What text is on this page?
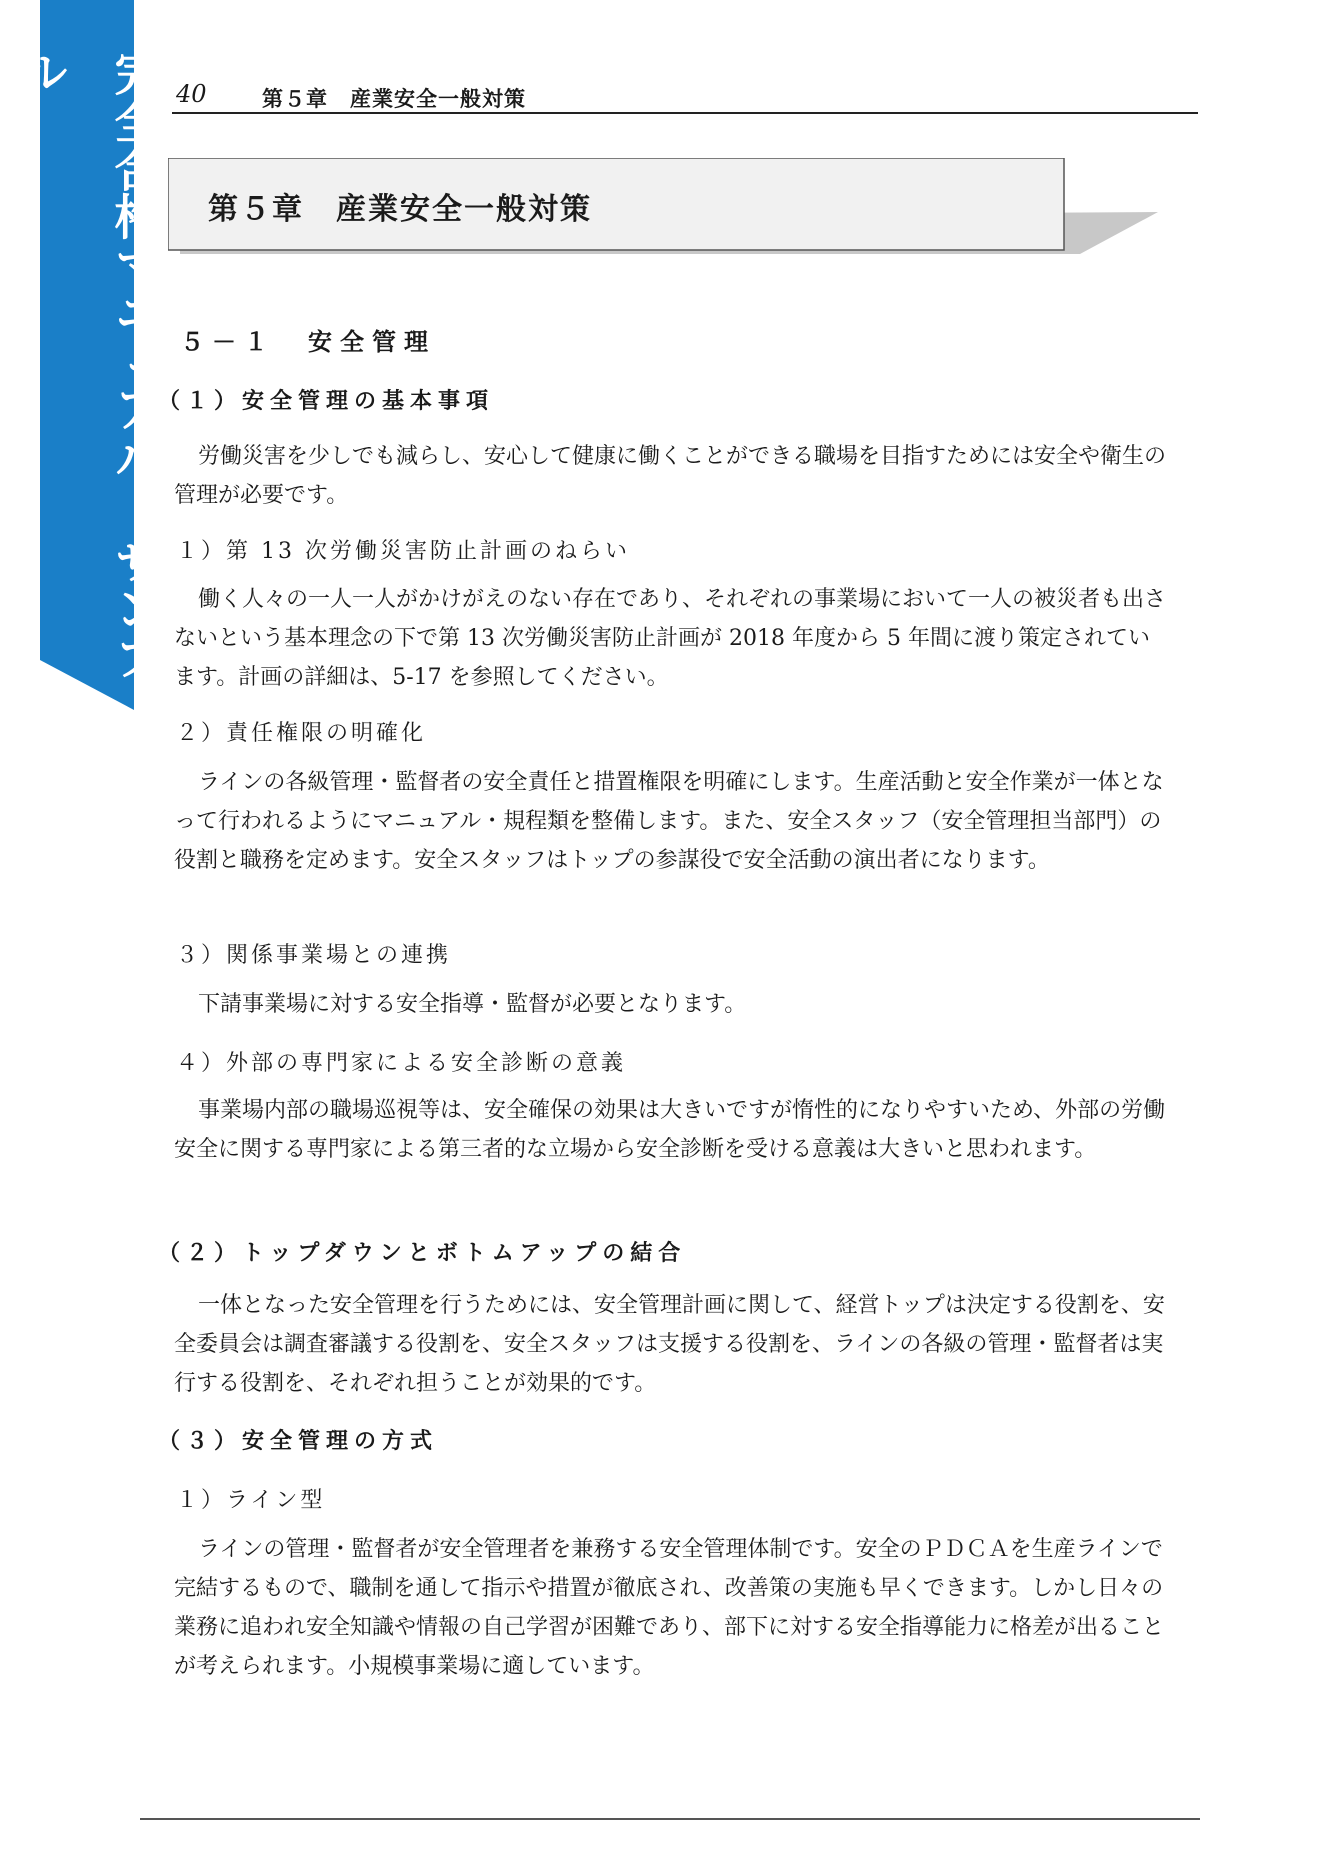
完全合格マニュアル サンプル	40	第５章　産業安全一般対策
第５章　産業安全一般対策
５－１　安全管理
（１）安全管理の基本事項

労働災害を少しでも減らし、安心して健康に働くことができる職場を目指すためには安全や衛生の管理が必要です。

１）第 13 次労働災害防止計画のねらい

働く人々の一人一人がかけがえのない存在であり、それぞれの事業場において一人の被災者も出さないという基本理念の下で第 13 次労働災害防止計画が 2018 年度から 5 年間に渡り策定されています。計画の詳細は、5-17 を参照してください。

２）責任権限の明確化

ラインの各級管理・監督者の安全責任と措置権限を明確にします。生産活動と安全作業が一体となって行われるようにマニュアル・規程類を整備します。また、安全スタッフ（安全管理担当部門）の役割と職務を定めます。安全スタッフはトップの参謀役で安全活動の演出者になります。

３）関係事業場との連携

下請事業場に対する安全指導・監督が必要となります。

４）外部の専門家による安全診断の意義

事業場内部の職場巡視等は、安全確保の効果は大きいですが惰性的になりやすいため、外部の労働安全に関する専門家による第三者的な立場から安全診断を受ける意義は大きいと思われます。

（２）トップダウンとボトムアップの結合

一体となった安全管理を行うためには、安全管理計画に関して、経営トップは決定する役割を、安全委員会は調査審議する役割を、安全スタッフは支援する役割を、ラインの各級の管理・監督者は実行する役割を、それぞれ担うことが効果的です。

（３）安全管理の方式
１）ライン型

ラインの管理・監督者が安全管理者を兼務する安全管理体制です。安全のＰＤＣＡを生産ラインで完結するもので、職制を通して指示や措置が徹底され、改善策の実施も早くできます。しかし日々の業務に追われ安全知識や情報の自己学習が困難であり、部下に対する安全指導能力に格差が出ることが考えられます。小規模事業場に適しています。
